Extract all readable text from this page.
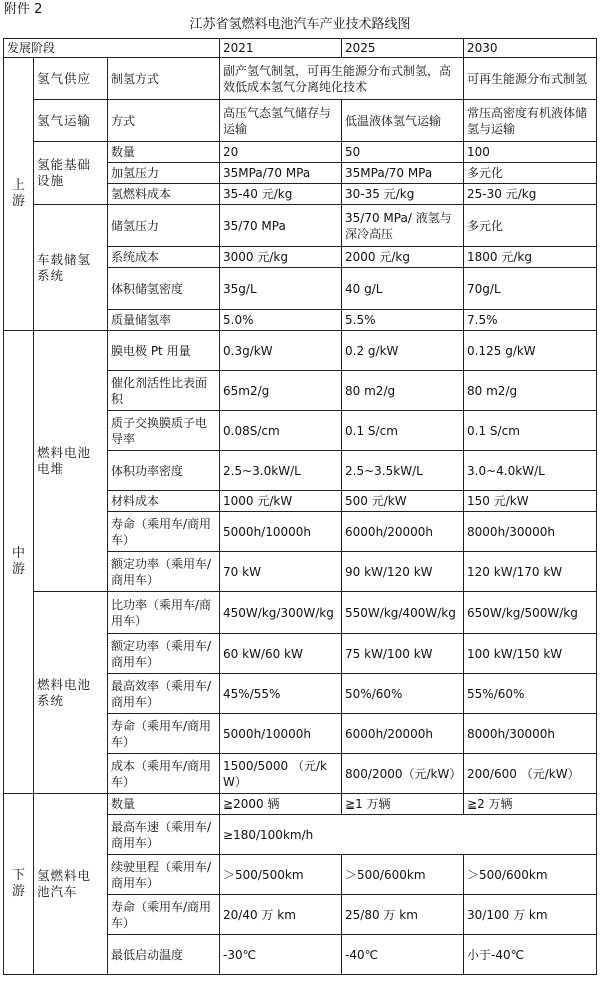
附件 2
江苏省氢燃料电池汽车产业技术路线图
发展阶段			2021	2025	2030
上游	氢气供应	制氢方式	副产氢气制氢，可再生能源分布式制氢，高效低成本氢气分离纯化技术		可再生能源分布式制氢
	氢气运输	方式	高压气态氢气储存与运输	低温液体氢气运输	常压高密度有机液体储氢与运输
	氢能基础设施	数量	20	50	100
		加氢压力	35MPa/70 MPa	35MPa/70 MPa	多元化
		氢燃料成本	35-40 元/kg	30-35 元/kg	25-30 元/kg
	车载储氢系统	储氢压力	35/70 MPa	35/70 MPa/ 液氢与深冷高压	多元化
		系统成本	3000 元/kg	2000 元/kg	1800 元/kg
		体积储氢密度	35g/L	40 g/L	70g/L
		质量储氢率	5.0%	5.5%	7.5%
中游	燃料电池电堆	膜电极 Pt 用量	0.3g/kW	0.2 g/kW	0.125 g/kW
		催化剂活性比表面积	65m2/g	80 m2/g	80 m2/g
		质子交换膜质子电导率	0.08S/cm	0.1 S/cm	0.1 S/cm
		体积功率密度	2.5~3.0kW/L	2.5~3.5kW/L	3.0~4.0kW/L
		材料成本	1000 元/kW	500 元/kW	150 元/kW
		寿命（乘用车/商用车）	5000h/10000h	6000h/20000h	8000h/30000h
		额定功率（乘用车/商用车）	70 kW	90 kW/120 kW	120 kW/170 kW
	燃料电池系统	比功率（乘用车/商用车）	450W/kg/300W/kg	550W/kg/400W/kg	650W/kg/500W/kg
		额定功率（乘用车/商用车）	60 kW/60 kW	75 kW/100 kW	100 kW/150 kW
		最高效率（乘用车/商用车）	45%/55%	50%/60%	55%/60%
		寿命（乘用车/商用车）	5000h/10000h	6000h/20000h	8000h/30000h
		成本（乘用车/商用车）	1500/5000 （元/kW）	800/2000（元/kW）	200/600 （元/kW）
下游	氢燃料电池汽车	数量	≧2000 辆	≧1 万辆	≧2 万辆
		最高车速（乘用车/商用车）	≥180/100km/h		
		续驶里程（乘用车/商用车）	＞500/500km	＞500/600km	＞500/600km
		寿命（乘用车/商用车）	20/40 万 km	25/80 万 km	30/100 万 km
		最低启动温度	-30℃	-40℃	小于-40℃
